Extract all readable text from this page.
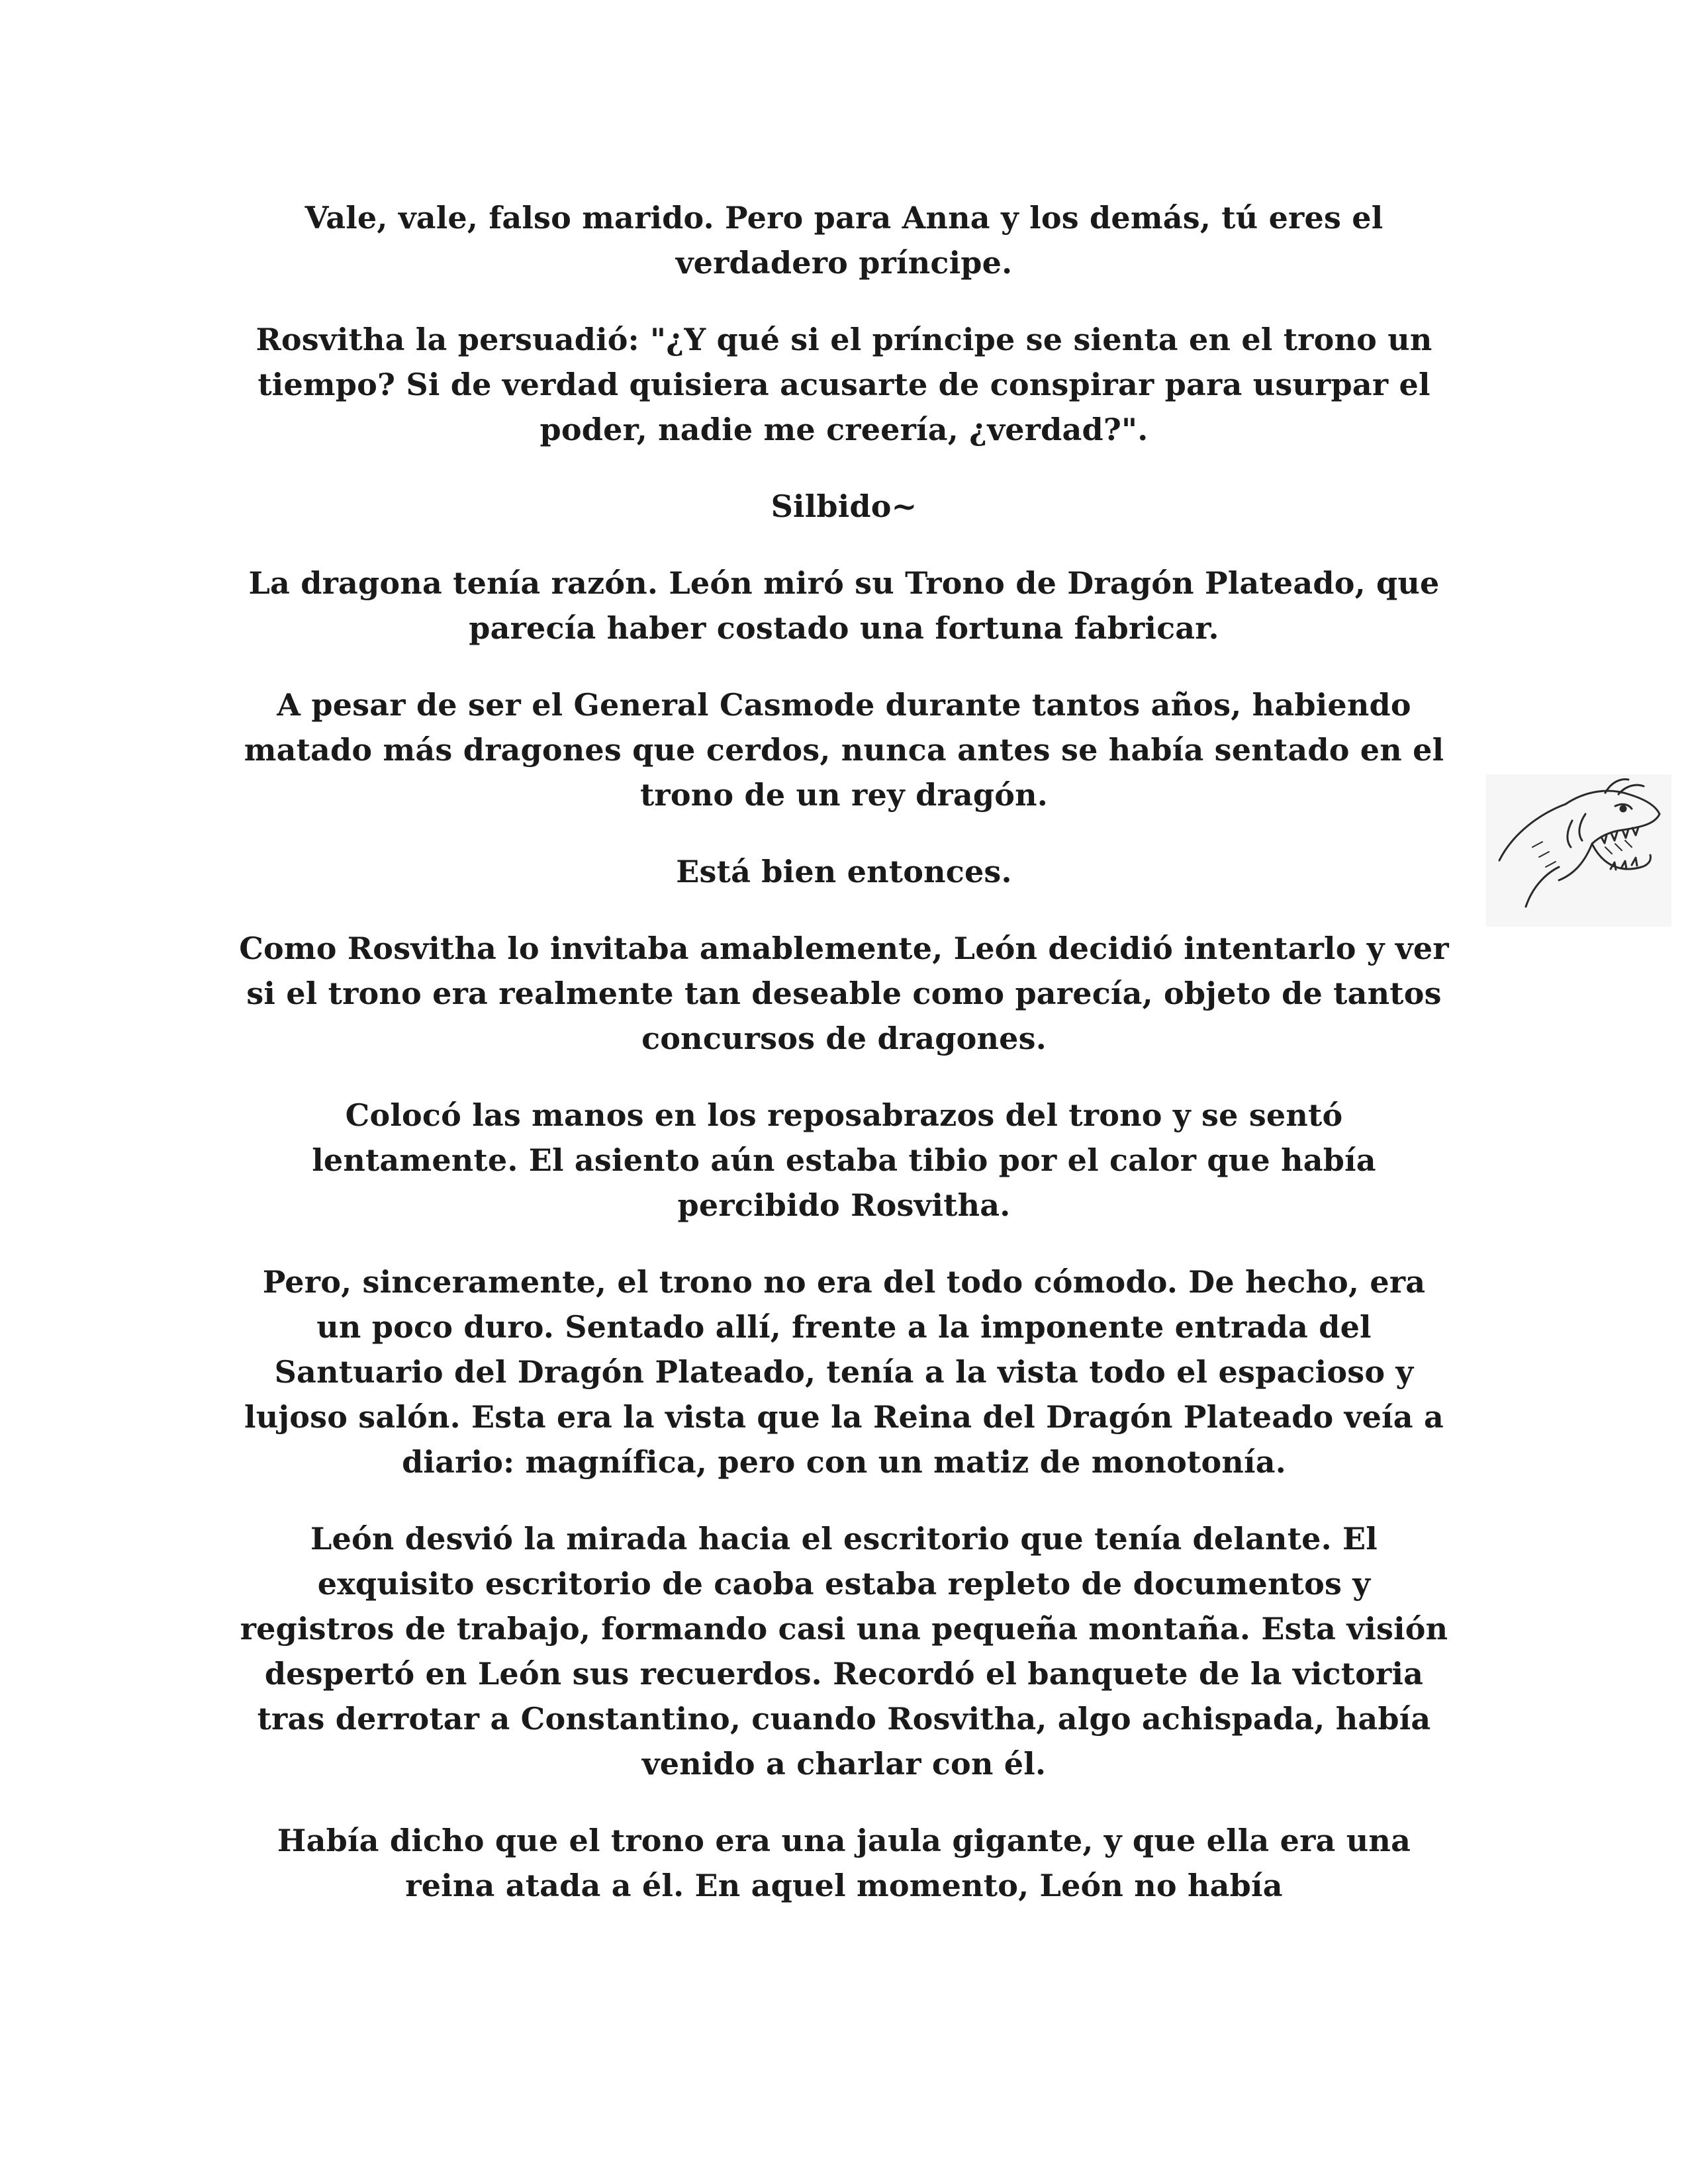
Vale, vale, falso marido. Pero para Anna y los demás, tú eres el verdadero príncipe.

Rosvitha la persuadió: "¿Y qué si el príncipe se sienta en el trono un tiempo? Si de verdad quisiera acusarte de conspirar para usurpar el poder, nadie me creería, ¿verdad?".

Silbido~

La dragona tenía razón. León miró su Trono de Dragón Plateado, que parecía haber costado una fortuna fabricar.

A pesar de ser el General Casmode durante tantos años, habiendo matado más dragones que cerdos, nunca antes se había sentado en el trono de un rey dragón.

Está bien entonces.

Como Rosvitha lo invitaba amablemente, León decidió intentarlo y ver si el trono era realmente tan deseable como parecía, objeto de tantos concursos de dragones.

Colocó las manos en los reposabrazos del trono y se sentó lentamente. El asiento aún estaba tibio por el calor que había percibido Rosvitha.

Pero, sinceramente, el trono no era del todo cómodo. De hecho, era un poco duro. Sentado allí, frente a la imponente entrada del Santuario del Dragón Plateado, tenía a la vista todo el espacioso y lujoso salón. Esta era la vista que la Reina del Dragón Plateado veía a diario: magnífica, pero con un matiz de monotonía.

León desvió la mirada hacia el escritorio que tenía delante. El exquisito escritorio de caoba estaba repleto de documentos y registros de trabajo, formando casi una pequeña montaña. Esta visión despertó en León sus recuerdos. Recordó el banquete de la victoria tras derrotar a Constantino, cuando Rosvitha, algo achispada, había venido a charlar con él.

Había dicho que el trono era una jaula gigante, y que ella era una reina atada a él. En aquel momento, León no había
